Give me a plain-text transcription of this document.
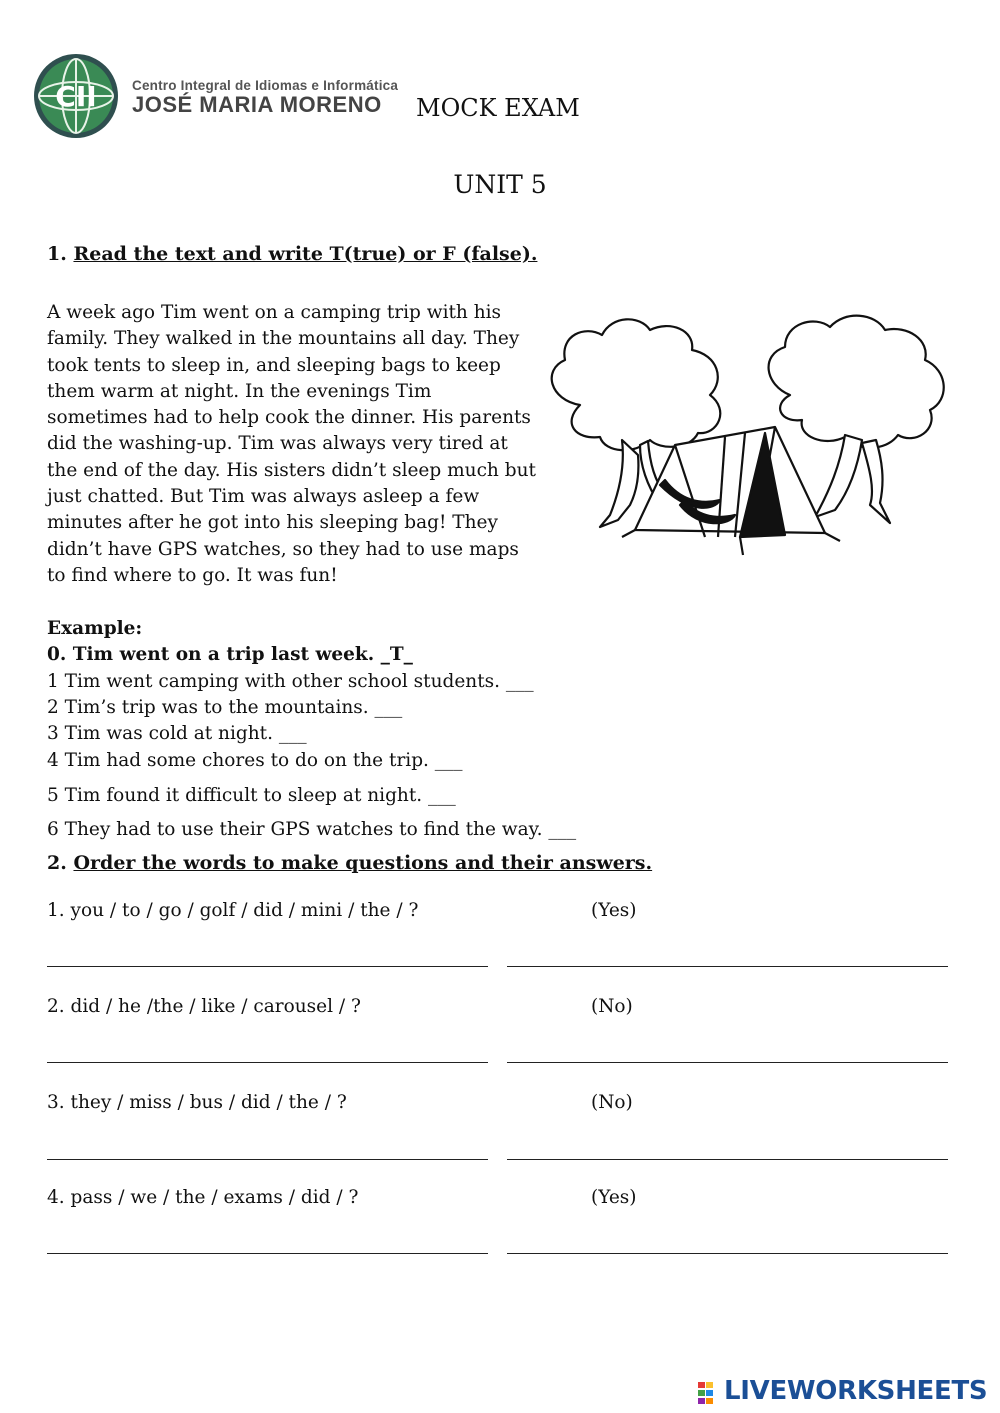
CII	Centro Integral de Idiomas e Informática
JOSÉ MARIA MORENO MOCK EXAM
UNIT 5
1. Read the text and write T(true) or F (false).
A week ago Tim went on a camping trip with his
family. They walked in the mountains all day. They
took tents to sleep in, and sleeping bags to keep
them warm at night. In the evenings Tim
sometimes had to help cook the dinner. His parents
did the washing-up. Tim was always very tired at
the end of the day. His sisters didn’t sleep much but
just chatted. But Tim was always asleep a few
minutes after he got into his sleeping bag! They
didn’t have GPS watches, so they had to use maps
to find where to go. It was fun!
Example:
0. Tim went on a trip last week. _T_
1 Tim went camping with other school students. ___
2 Tim’s trip was to the mountains. ___
3 Tim was cold at night. ___
4 Tim had some chores to do on the trip. ___
5 Tim found it difficult to sleep at night. ___
6 They had to use their GPS watches to find the way. ___
2. Order the words to make questions and their answers.
1. you / to / go / golf / did / mini / the / ?	(Yes)
2. did / he /the / like / carousel / ?	(No)
3. they / miss / bus / did / the / ?	(No)
4. pass / we / the / exams / did / ?	(Yes)
LIVEWORKSHEETS
